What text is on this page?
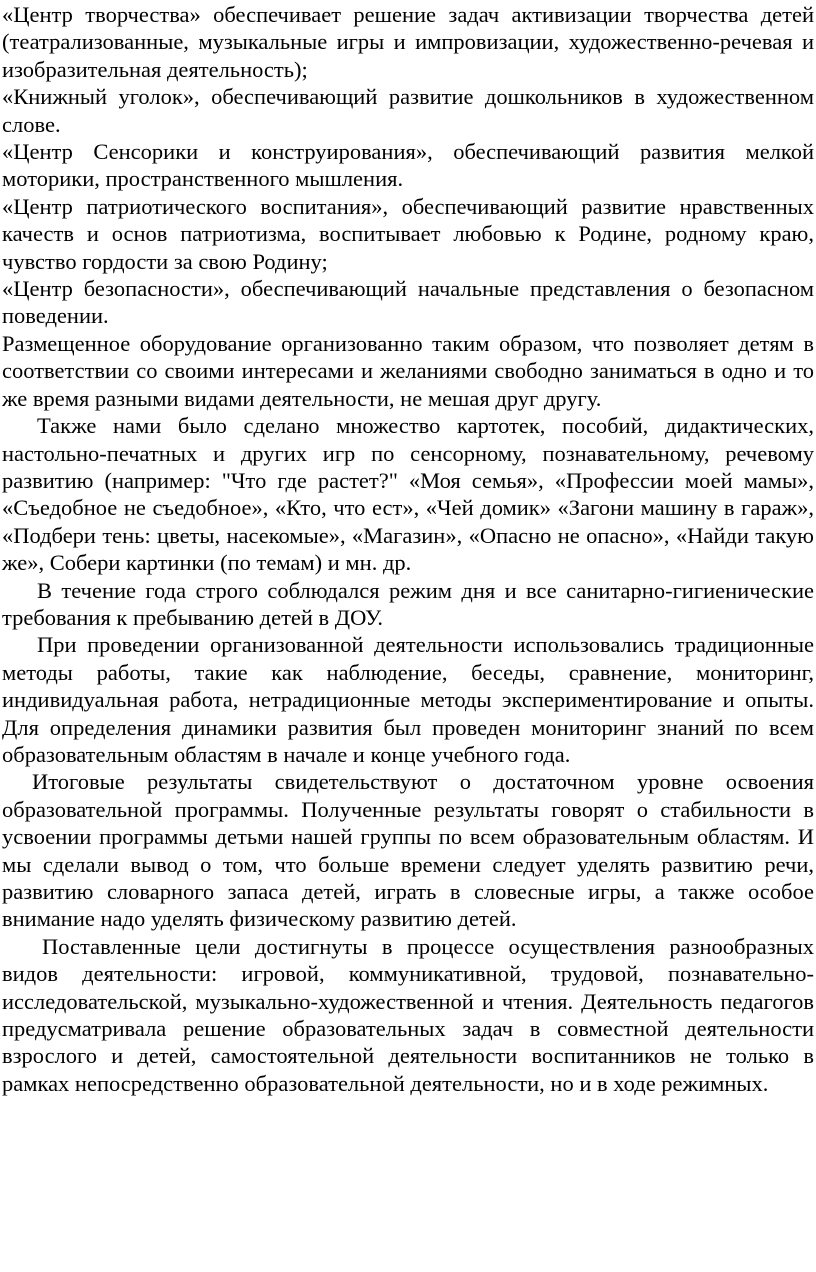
«Центр творчества» обеспечивает решение задач активизации творчества детей (театрализованные, музыкальные игры и импровизации, художественно-речевая и изобразительная деятельность);

«Книжный уголок», обеспечивающий развитие дошкольников в художественном слове.

«Центр Сенсорики и конструирования», обеспечивающий развития мелкой моторики, пространственного мышления.

«Центр патриотического воспитания», обеспечивающий развитие нравственных качеств и основ патриотизма, воспитывает любовью к Родине, родному краю, чувство гордости за свою Родину;

«Центр безопасности», обеспечивающий начальные представления о безопасном поведении.

Размещенное оборудование организованно таким образом, что позволяет детям в соответствии со своими интересами и желаниями свободно заниматься в одно и то же время разными видами деятельности, не мешая друг другу.

Также нами было сделано множество картотек, пособий, дидактических, настольно-печатных и других игр по сенсорному, познавательному, речевому развитию (например: "Что где растет?" «Моя семья», «Профессии моей мамы», «Съедобное не съедобное», «Кто, что ест», «Чей домик» «Загони машину в гараж», «Подбери тень: цветы, насекомые», «Магазин», «Опасно не опасно», «Найди такую же», Собери картинки (по темам) и мн. др.

В течение года строго соблюдался режим дня и все санитарно-гигиенические требования к пребыванию детей в ДОУ.

При проведении организованной деятельности использовались традиционные методы работы, такие как наблюдение, беседы, сравнение, мониторинг, индивидуальная работа, нетрадиционные методы экспериментирование и опыты. Для определения динамики развития был проведен мониторинг знаний по всем образовательным областям в начале и конце учебного года.

Итоговые результаты свидетельствуют о достаточном уровне освоения образовательной программы. Полученные результаты говорят о стабильности в усвоении программы детьми нашей группы по всем образовательным областям. И мы сделали вывод о том, что больше времени следует уделять развитию речи, развитию словарного запаса детей, играть в словесные игры, а также особое внимание надо уделять физическому развитию детей.

Поставленные цели достигнуты в процессе осуществления разнообразных видов деятельности: игровой, коммуникативной, трудовой, познавательно-исследовательской, музыкально-художественной и чтения. Деятельность педагогов предусматривала решение образовательных задач в совместной деятельности взрослого и детей, самостоятельной деятельности воспитанников не только в рамках непосредственно образовательной деятельности, но и в ходе режимных.
